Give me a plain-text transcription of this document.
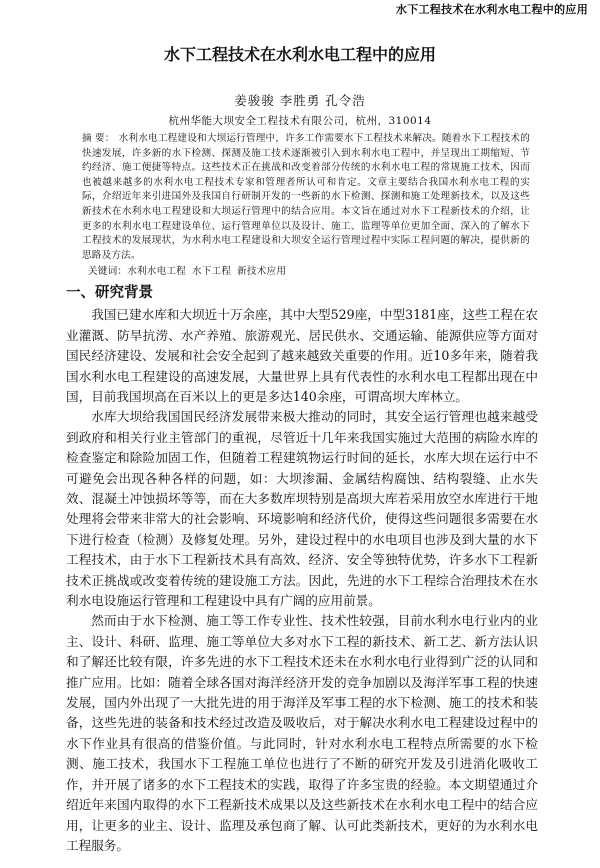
水下工程技术在水利水电工程中的应用
水下工程技术在水利水电工程中的应用
姜骏骏 李胜勇 孔令浩
杭州华能大坝安全工程技术有限公司，杭州，310014
摘 要： 水利水电工程建设和大坝运行管理中，许多工作需要水下工程技术来解决。随着水下工程技术的快速发展，许多新的水下检测、探测及施工技术逐渐被引入到水利水电工程中，并呈现出工期缩短、节约经济、施工便捷等特点。这些技术正在挑战和改变着部分传统的水利水电工程的常规施工技术，因而也被越来越多的水利水电工程技术专家和管理者所认可和肯定。文章主要结合我国水利水电工程的实际，介绍近年来引进国外及我国自行研制开发的一些新的水下检测、探测和施工处理新技术，以及这些新技术在水利水电工程建设和大坝运行管理中的结合应用。本文旨在通过对水下工程新技术的介绍，让更多的水利水电工程建设单位、运行管理单位以及设计、施工、监理等单位更加全面、深入的了解水下工程技术的发展现状，为水利水电工程建设和大坝安全运行管理过程中实际工程问题的解决，提供新的思路及方法。
关键词：水利水电工程 水下工程 新技术应用
一、研究背景

我国已建水库和大坝近十万余座，其中大型529座，中型3181座，这些工程在农业灌溉、防旱抗涝、水产养殖、旅游观光、居民供水、交通运输、能源供应等方面对国民经济建设、发展和社会安全起到了越来越致关重要的作用。近10多年来，随着我国水利水电工程建设的高速发展，大量世界上具有代表性的水利水电工程都出现在中国，目前我国坝高在百米以上的更是多达140余座，可谓高坝大库林立。

水库大坝给我国国民经济发展带来极大推动的同时，其安全运行管理也越来越受到政府和相关行业主管部门的重视，尽管近十几年来我国实施过大范围的病险水库的检查鉴定和除险加固工作，但随着工程建筑物运行时间的延长，水库大坝在运行中不可避免会出现各种各样的问题，如：大坝渗漏、金属结构腐蚀、结构裂缝、止水失效、混凝土冲蚀损坏等等，而在大多数库坝特别是高坝大库若采用放空水库进行干地处理将会带来非常大的社会影响、环境影响和经济代价，使得这些问题很多需要在水下进行检查（检测）及修复处理。另外，建设过程中的水电项目也涉及到大量的水下工程技术，由于水下工程新技术具有高效、经济、安全等独特优势，许多水下工程新技术正挑战或改变着传统的建设施工方法。因此，先进的水下工程综合治理技术在水利水电设施运行管理和工程建设中具有广阔的应用前景。

然而由于水下检测、施工等工作专业性、技术性较强，目前水利水电行业内的业主、设计、科研、监理、施工等单位大多对水下工程的新技术、新工艺、新方法认识和了解还比较有限，许多先进的水下工程技术还未在水利水电行业得到广泛的认同和推广应用。比如：随着全球各国对海洋经济开发的竞争加剧以及海洋军事工程的快速发展，国内外出现了一大批先进的用于海洋及军事工程的水下检测、施工的技术和装备，这些先进的装备和技术经过改造及吸收后，对于解决水利水电工程建设过程中的水下作业具有很高的借鉴价值。与此同时，针对水利水电工程特点所需要的水下检测、施工技术，我国水下工程施工单位也进行了不断的研究开发及引进消化吸收工作，并开展了诸多的水下工程技术的实践，取得了许多宝贵的经验。本文期望通过介绍近年来国内取得的水下工程新技术成果以及这些新技术在水利水电工程中的结合应用，让更多的业主、设计、监理及承包商了解、认可此类新技术，更好的为水利水电工程服务。
